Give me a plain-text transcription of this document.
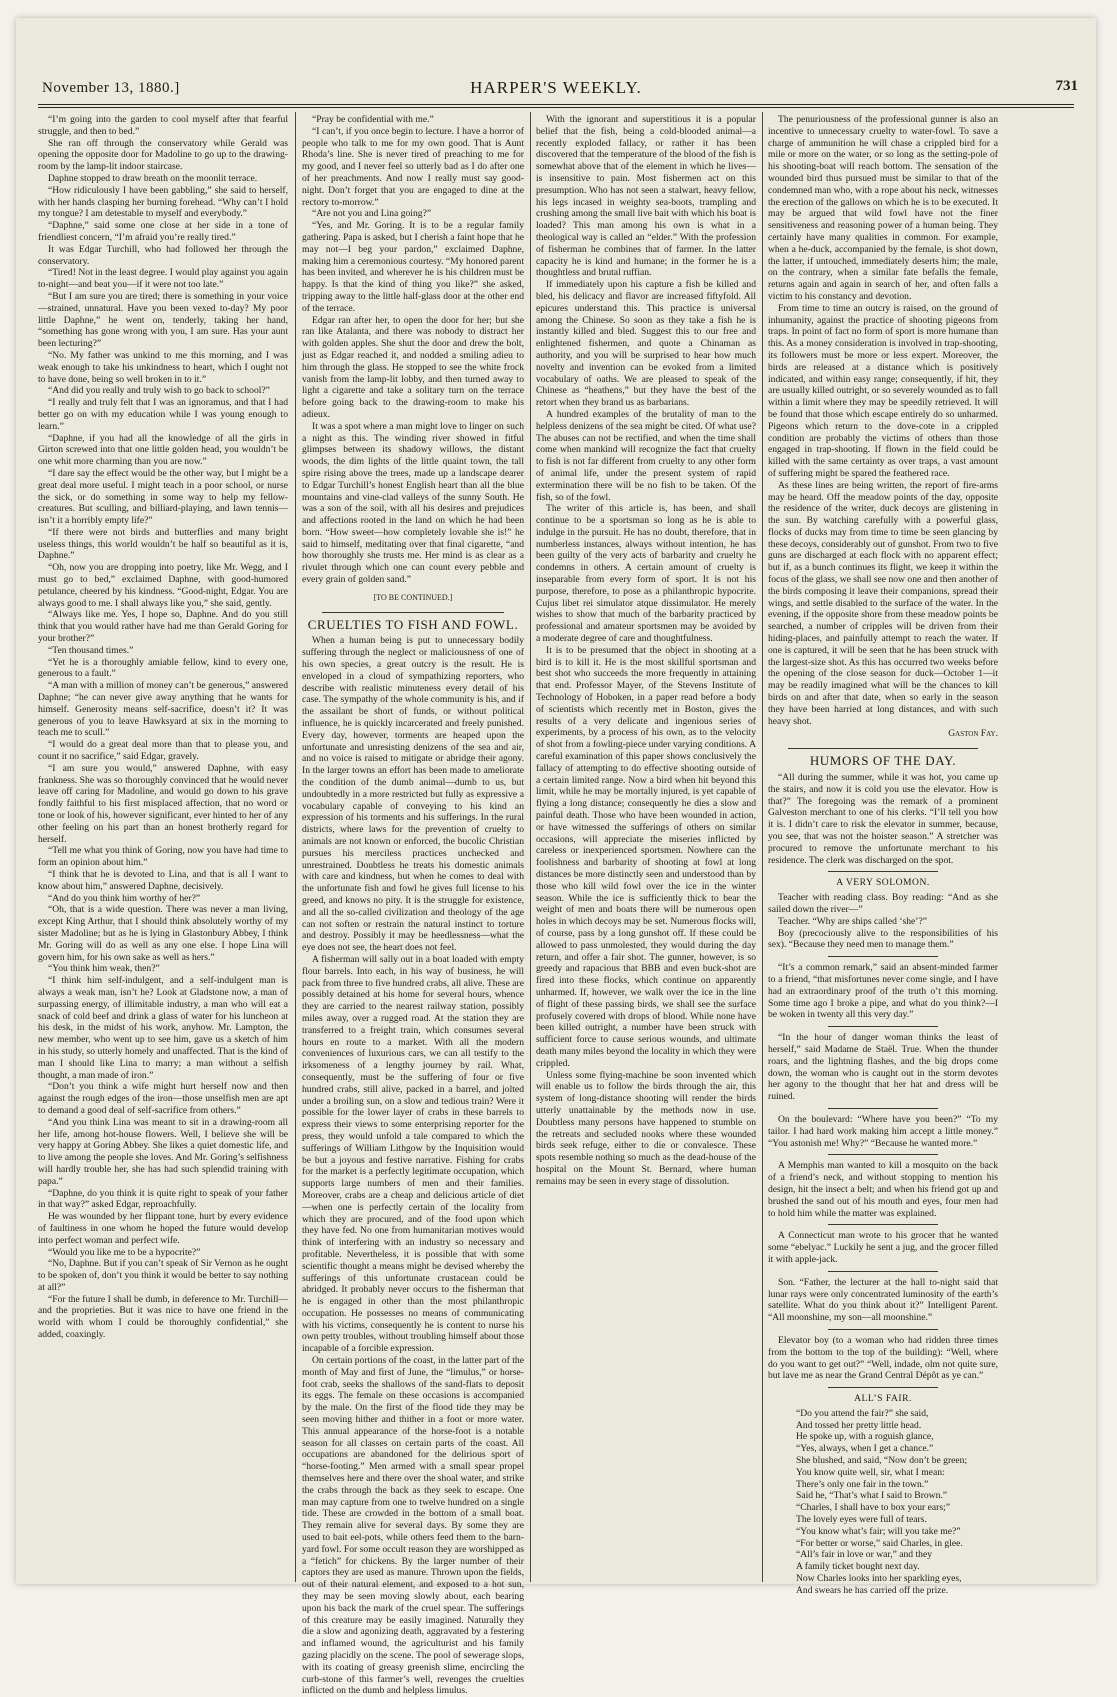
November 13, 1880.]	HARPER'S WEEKLY.	731

“I’m going into the garden to cool myself after that fearful struggle, and then to bed.”

She ran off through the conservatory while Gerald was opening the opposite door for Madoline to go up to the drawing-room by the lamp-lit indoor staircase.

Daphne stopped to draw breath on the moonlit terrace.

“How ridiculously I have been gabbling,” she said to herself, with her hands clasping her burning forehead. “Why can’t I hold my tongue? I am detestable to myself and everybody.”

“Daphne,” said some one close at her side in a tone of friendliest concern, “I’m afraid you’re really tired.”

It was Edgar Turchill, who had followed her through the conservatory.

“Tired! Not in the least degree. I would play against you again to-night—and beat you—if it were not too late.”

“But I am sure you are tired; there is something in your voice—strained, unnatural. Have you been vexed to-day? My poor little Daphne,” he went on, tenderly, taking her hand, “something has gone wrong with you, I am sure. Has your aunt been lecturing?”

“No. My father was unkind to me this morning, and I was weak enough to take his unkindness to heart, which I ought not to have done, being so well broken in to it.”

“And did you really and truly wish to go back to school?”

“I really and truly felt that I was an ignoramus, and that I had better go on with my education while I was young enough to learn.”

“Daphne, if you had all the knowledge of all the girls in Girton screwed into that one little golden head, you wouldn’t be one whit more charming than you are now.”

“I dare say the effect would be the other way, but I might be a great deal more useful. I might teach in a poor school, or nurse the sick, or do something in some way to help my fellow-creatures. But sculling, and billiard-playing, and lawn tennis—isn’t it a horribly empty life?”

“If there were not birds and butterflies and many bright useless things, this world wouldn’t be half so beautiful as it is, Daphne.”

“Oh, now you are dropping into poetry, like Mr. Wegg, and I must go to bed,” exclaimed Daphne, with good-humored petulance, cheered by his kindness. “Good-night, Edgar. You are always good to me. I shall always like you,” she said, gently.

“Always like me. Yes, I hope so, Daphne. And do you still think that you would rather have had me than Gerald Goring for your brother?”

“Ten thousand times.”

“Yet he is a thoroughly amiable fellow, kind to every one, generous to a fault.”

“A man with a million of money can’t be generous,” answered Daphne; “he can never give away anything that he wants for himself. Generosity means self-sacrifice, doesn’t it? It was generous of you to leave Hawksyard at six in the morning to teach me to scull.”

“I would do a great deal more than that to please you, and count it no sacrifice,” said Edgar, gravely.

“I am sure you would,” answered Daphne, with easy frankness. She was so thoroughly convinced that he would never leave off caring for Madoline, and would go down to his grave fondly faithful to his first misplaced affection, that no word or tone or look of his, however significant, ever hinted to her of any other feeling on his part than an honest brotherly regard for herself.

“Tell me what you think of Goring, now you have had time to form an opinion about him.”

“I think that he is devoted to Lina, and that is all I want to know about him,” answered Daphne, decisively.

“And do you think him worthy of her?”

“Oh, that is a wide question. There was never a man living, except King Arthur, that I should think absolutely worthy of my sister Madoline; but as he is lying in Glastonbury Abbey, I think Mr. Goring will do as well as any one else. I hope Lina will govern him, for his own sake as well as hers.”

“You think him weak, then?”

“I think him self-indulgent, and a self-indulgent man is always a weak man, isn’t he? Look at Gladstone now, a man of surpassing energy, of illimitable industry, a man who will eat a snack of cold beef and drink a glass of water for his luncheon at his desk, in the midst of his work, anyhow. Mr. Lampton, the new member, who went up to see him, gave us a sketch of him in his study, so utterly homely and unaffected. That is the kind of man I should like Lina to marry; a man without a selfish thought, a man made of iron.”

“Don’t you think a wife might hurt herself now and then against the rough edges of the iron—those unselfish men are apt to demand a good deal of self-sacrifice from others.”

“And you think Lina was meant to sit in a drawing-room all her life, among hot-house flowers. Well, I believe she will be very happy at Goring Abbey. She likes a quiet domestic life, and to live among the people she loves. And Mr. Goring’s selfishness will hardly trouble her, she has had such splendid training with papa.”

“Daphne, do you think it is quite right to speak of your father in that way?” asked Edgar, reproachfully.

He was wounded by her flippant tone, hurt by every evidence of faultiness in one whom he hoped the future would develop into perfect woman and perfect wife.

“Would you like me to be a hypocrite?”

“No, Daphne. But if you can’t speak of Sir Vernon as he ought to be spoken of, don’t you think it would be better to say nothing at all?”

“For the future I shall be dumb, in deference to Mr. Turchill—and the proprieties. But it was nice to have one friend in the world with whom I could be thoroughly confidential,” she added, coaxingly.

“Pray be confidential with me.”

“I can’t, if you once begin to lecture. I have a horror of people who talk to me for my own good. That is Aunt Rhoda’s line. She is never tired of preaching to me for my good, and I never feel so utterly bad as I do after one of her preachments. And now I really must say good-night. Don’t forget that you are engaged to dine at the rectory to-morrow.”

“Are not you and Lina going?”

“Yes, and Mr. Goring. It is to be a regular family gathering. Papa is asked, but I cherish a faint hope that he may not—I beg your pardon,” exclaimed Daphne, making him a ceremonious courtesy. “My honored parent has been invited, and wherever he is his children must be happy. Is that the kind of thing you like?” she asked, tripping away to the little half-glass door at the other end of the terrace.

Edgar ran after her, to open the door for her; but she ran like Atalanta, and there was nobody to distract her with golden apples. She shut the door and drew the bolt, just as Edgar reached it, and nodded a smiling adieu to him through the glass. He stopped to see the white frock vanish from the lamp-lit lobby, and then turned away to light a cigarette and take a solitary turn on the terrace before going back to the drawing-room to make his adieux.

It was a spot where a man might love to linger on such a night as this. The winding river showed in fitful glimpses between its shadowy willows, the distant woods, the dim lights of the little quaint town, the tall spire rising above the trees, made up a landscape dearer to Edgar Turchill’s honest English heart than all the blue mountains and vine-clad valleys of the sunny South. He was a son of the soil, with all his desires and prejudices and affections rooted in the land on which he had been born. “How sweet—how completely lovable she is!” he said to himself, meditating over that final cigarette, “and how thoroughly she trusts me. Her mind is as clear as a rivulet through which one can count every pebble and every grain of golden sand.”

[TO BE CONTINUED.]
CRUELTIES TO FISH AND FOWL.

When a human being is put to unnecessary bodily suffering through the neglect or maliciousness of one of his own species, a great outcry is the result. He is enveloped in a cloud of sympathizing reporters, who describe with realistic minuteness every detail of his case. The sympathy of the whole community is his, and if the assailant be short of funds, or without political influence, he is quickly incarcerated and freely punished. Every day, however, torments are heaped upon the unfortunate and unresisting denizens of the sea and air, and no voice is raised to mitigate or abridge their agony. In the larger towns an effort has been made to ameliorate the condition of the dumb animal—dumb to us, but undoubtedly in a more restricted but fully as expressive a vocabulary capable of conveying to his kind an expression of his torments and his sufferings. In the rural districts, where laws for the prevention of cruelty to animals are not known or enforced, the bucolic Christian pursues his merciless practices unchecked and unrestrained. Doubtless he treats his domestic animals with care and kindness, but when he comes to deal with the unfortunate fish and fowl he gives full license to his greed, and knows no pity. It is the struggle for existence, and all the so-called civilization and theology of the age can not soften or restrain the natural instinct to torture and destroy. Possibly it may be heedlessness—what the eye does not see, the heart does not feel.

A fisherman will sally out in a boat loaded with empty flour barrels. Into each, in his way of business, he will pack from three to five hundred crabs, all alive. These are possibly detained at his home for several hours, whence they are carried to the nearest railway station, possibly miles away, over a rugged road. At the station they are transferred to a freight train, which consumes several hours en route to a market. With all the modern conveniences of luxurious cars, we can all testify to the irksomeness of a lengthy journey by rail. What, consequently, must be the suffering of four or five hundred crabs, still alive, packed in a barrel, and jolted under a broiling sun, on a slow and tedious train? Were it possible for the lower layer of crabs in these barrels to express their views to some enterprising reporter for the press, they would unfold a tale compared to which the sufferings of William Lithgow by the Inquisition would be but a joyous and festive narrative. Fishing for crabs for the market is a perfectly legitimate occupation, which supports large numbers of men and their families. Moreover, crabs are a cheap and delicious article of diet—when one is perfectly certain of the locality from which they are procured, and of the food upon which they have fed. No one from humanitarian motives would think of interfering with an industry so necessary and profitable. Nevertheless, it is possible that with some scientific thought a means might be devised whereby the sufferings of this unfortunate crustacean could be abridged. It probably never occurs to the fisherman that he is engaged in other than the most philanthropic occupation. He possesses no means of communicating with his victims, consequently he is content to nurse his own petty troubles, without troubling himself about those incapable of a forcible expression.

On certain portions of the coast, in the latter part of the month of May and first of June, the “limulus,” or horse-foot crab, seeks the shallows of the sand-flats to deposit its eggs. The female on these occasions is accompanied by the male. On the first of the flood tide they may be seen moving hither and thither in a foot or more water. This annual appearance of the horse-foot is a notable season for all classes on certain parts of the coast. All occupations are abandoned for the delirious sport of “horse-footing.” Men armed with a small spear propel themselves here and there over the shoal water, and strike the crabs through the back as they seek to escape. One man may capture from one to twelve hundred on a single tide. These are crowded in the bottom of a small boat. They remain alive for several days. By some they are used to bait eel-pots, while others feed them to the barn-yard fowl. For some occult reason they are worshipped as a “fetich” for chickens. By the larger number of their captors they are used as manure. Thrown upon the fields, out of their natural element, and exposed to a hot sun, they may be seen moving slowly about, each bearing upon his back the mark of the cruel spear. The sufferings of this creature may be easily imagined. Naturally they die a slow and agonizing death, aggravated by a festering and inflamed wound, the agriculturist and his family gazing placidly on the scene. The pool of sewerage slops, with its coating of greasy greenish slime, encircling the curb-stone of this farmer’s well, revenges the cruelties inflicted on the dumb and helpless limulus.

With the ignorant and superstitious it is a popular belief that the fish, being a cold-blooded animal—a recently exploded fallacy, or rather it has been discovered that the temperature of the blood of the fish is somewhat above that of the element in which he lives—is insensitive to pain. Most fishermen act on this presumption. Who has not seen a stalwart, heavy fellow, his legs incased in weighty sea-boots, trampling and crushing among the small live bait with which his boat is loaded? This man among his own is what in a theological way is called an “elder.” With the profession of fisherman he combines that of farmer. In the latter capacity he is kind and humane; in the former he is a thoughtless and brutal ruffian.

If immediately upon his capture a fish be killed and bled, his delicacy and flavor are increased fiftyfold. All epicures understand this. This practice is universal among the Chinese. So soon as they take a fish he is instantly killed and bled. Suggest this to our free and enlightened fishermen, and quote a Chinaman as authority, and you will be surprised to hear how much novelty and invention can be evoked from a limited vocabulary of oaths. We are pleased to speak of the Chinese as “heathens,” but they have the best of the retort when they brand us as barbarians.

A hundred examples of the brutality of man to the helpless denizens of the sea might be cited. Of what use? The abuses can not be rectified, and when the time shall come when mankind will recognize the fact that cruelty to fish is not far different from cruelty to any other form of animal life, under the present system of rapid extermination there will be no fish to be taken. Of the fish, so of the fowl.

The writer of this article is, has been, and shall continue to be a sportsman so long as he is able to indulge in the pursuit. He has no doubt, therefore, that in numberless instances, always without intention, he has been guilty of the very acts of barbarity and cruelty he condemns in others. A certain amount of cruelty is inseparable from every form of sport. It is not his purpose, therefore, to pose as a philanthropic hypocrite. Cujus libet rei simulator atque dissimulator. He merely wishes to show that much of the barbarity practiced by professional and amateur sportsmen may be avoided by a moderate degree of care and thoughtfulness.

It is to be presumed that the object in shooting at a bird is to kill it. He is the most skillful sportsman and best shot who succeeds the more frequently in attaining that end. Professor Mayer, of the Stevens Institute of Technology of Hoboken, in a paper read before a body of scientists which recently met in Boston, gives the results of a very delicate and ingenious series of experiments, by a process of his own, as to the velocity of shot from a fowling-piece under varying conditions. A careful examination of this paper shows conclusively the fallacy of attempting to do effective shooting outside of a certain limited range. Now a bird when hit beyond this limit, while he may be mortally injured, is yet capable of flying a long distance; consequently he dies a slow and painful death. Those who have been wounded in action, or have witnessed the sufferings of others on similar occasions, will appreciate the miseries inflicted by careless or inexperienced sportsmen. Nowhere can the foolishness and barbarity of shooting at fowl at long distances be more distinctly seen and understood than by those who kill wild fowl over the ice in the winter season. While the ice is sufficiently thick to bear the weight of men and boats there will be numerous open holes in which decoys may be set. Numerous flocks will, of course, pass by a long gunshot off. If these could be allowed to pass unmolested, they would during the day return, and offer a fair shot. The gunner, however, is so greedy and rapacious that BBB and even buck-shot are fired into these flocks, which continue on apparently unharmed. If, however, we walk over the ice in the line of flight of these passing birds, we shall see the surface profusely covered with drops of blood. While none have been killed outright, a number have been struck with sufficient force to cause serious wounds, and ultimate death many miles beyond the locality in which they were crippled.

Unless some flying-machine be soon invented which will enable us to follow the birds through the air, this system of long-distance shooting will render the birds utterly unattainable by the methods now in use. Doubtless many persons have happened to stumble on the retreats and secluded nooks where these wounded birds seek refuge, either to die or convalesce. These spots resemble nothing so much as the dead-house of the hospital on the Mount St. Bernard, where human remains may be seen in every stage of dissolution.

The penuriousness of the professional gunner is also an incentive to unnecessary cruelty to water-fowl. To save a charge of ammunition he will chase a crippled bird for a mile or more on the water, or so long as the setting-pole of his shooting-boat will reach bottom. The sensation of the wounded bird thus pursued must be similar to that of the condemned man who, with a rope about his neck, witnesses the erection of the gallows on which he is to be executed. It may be argued that wild fowl have not the finer sensitiveness and reasoning power of a human being. They certainly have many qualities in common. For example, when a he-duck, accompanied by the female, is shot down, the latter, if untouched, immediately deserts him; the male, on the contrary, when a similar fate befalls the female, returns again and again in search of her, and often falls a victim to his constancy and devotion.

From time to time an outcry is raised, on the ground of inhumanity, against the practice of shooting pigeons from traps. In point of fact no form of sport is more humane than this. As a money consideration is involved in trap-shooting, its followers must be more or less expert. Moreover, the birds are released at a distance which is positively indicated, and within easy range; consequently, if hit, they are usually killed outright, or so severely wounded as to fall within a limit where they may be speedily retrieved. It will be found that those which escape entirely do so unharmed. Pigeons which return to the dove-cote in a crippled condition are probably the victims of others than those engaged in trap-shooting. If flown in the field could be killed with the same certainty as over traps, a vast amount of suffering might be spared the feathered race.

As these lines are being written, the report of fire-arms may be heard. Off the meadow points of the day, opposite the residence of the writer, duck decoys are glistening in the sun. By watching carefully with a powerful glass, flocks of ducks may from time to time be seen glancing by these decoys, considerably out of gunshot. From two to five guns are discharged at each flock with no apparent effect; but if, as a bunch continues its flight, we keep it within the focus of the glass, we shall see now one and then another of the birds composing it leave their companions, spread their wings, and settle disabled to the surface of the water. In the evening, if the opposite shore from these meadow points be searched, a number of cripples will be driven from their hiding-places, and painfully attempt to reach the water. If one is captured, it will be seen that he has been struck with the largest-size shot. As this has occurred two weeks before the opening of the close season for duck—October 1—it may be readily imagined what will be the chances to kill birds on and after that date, when so early in the season they have been harried at long distances, and with such heavy shot.

Gaston Fay.
HUMORS OF THE DAY.

“All during the summer, while it was hot, you came up the stairs, and now it is cold you use the elevator. How is that?” The foregoing was the remark of a prominent Galveston merchant to one of his clerks. “I’ll tell you how it is. I didn’t care to risk the elevator in summer, because, you see, that was not the hoister season.” A stretcher was procured to remove the unfortunate merchant to his residence. The clerk was discharged on the spot.

A VERY SOLOMON.

Teacher with reading class. Boy reading: “And as she sailed down the river—”

Teacher. “Why are ships called ‘she’?”

Boy (precociously alive to the responsibilities of his sex). “Because they need men to manage them.”

“It’s a common remark,” said an absent-minded farmer to a friend, “that misfortunes never come single, and I have had an extraordinary proof of the truth o’t this morning. Some time ago I broke a pipe, and what do you think?—I be woken in twenty all this very day.”

“In the hour of danger woman thinks the least of herself,” said Madame de Staël. True. When the thunder roars, and the lightning flashes, and the big drops come down, the woman who is caught out in the storm devotes her agony to the thought that her hat and dress will be ruined.

On the boulevard: “Where have you been?” “To my tailor. I had hard work making him accept a little money.” “You astonish me! Why?” “Because he wanted more.”

A Memphis man wanted to kill a mosquito on the back of a friend’s neck, and without stopping to mention his design, hit the insect a belt; and when his friend got up and brushed the sand out of his mouth and eyes, four men had to hold him while the matter was explained.

A Connecticut man wrote to his grocer that he wanted some “ebelyac.” Luckily he sent a jug, and the grocer filled it with apple-jack.

Son. “Father, the lecturer at the hall to-night said that lunar rays were only concentrated luminosity of the earth’s satellite. What do you think about it?” Intelligent Parent. “All moonshine, my son—all moonshine.”

Elevator boy (to a woman who had ridden three times from the bottom to the top of the building): “Well, where do you want to get out?” “Well, indade, olm not quite sure, but lave me as near the Grand Central Dépôt as ye can.”

ALL’S FAIR.

“Do you attend the fair?” she said,

And tossed her pretty little head.

He spoke up, with a roguish glance,

“Yes, always, when I get a chance.”

She blushed, and said, “Now don’t be green;

You know quite well, sir, what I mean:

There’s only one fair in the town.”

Said he, “That’s what I said to Brown.”

“Charles, I shall have to box your ears;”

The lovely eyes were full of tears.

“You know what’s fair; will you take me?”

“For better or worse,” said Charles, in glee.

“All’s fair in love or war,” and they

A family ticket bought next day.

Now Charles looks into her sparkling eyes,

And swears he has carried off the prize.
